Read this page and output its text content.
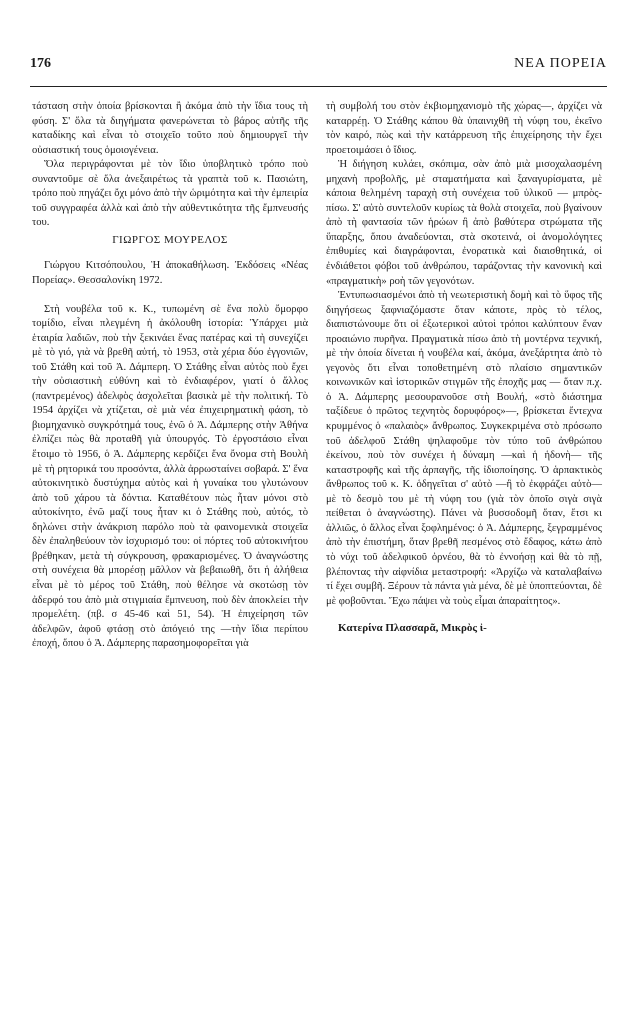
176	ΝΕΑ ΠΟΡΕΙΑ

τάσταση στὴν ὁποία βρίσκονται ἢ ἀκόμα ἀπὸ τὴν ἴδια τους τὴ φύση. Σ' ὅλα τὰ διηγήματα φανερώνεται τὸ βάρος αὐτῆς τῆς καταδίκης καὶ εἶναι τὸ στοιχεῖο τοῦτο ποὺ δημιουργεῖ τὴν οὐσιαστική τους ὁμοιογένεια.

Ὅλα περιγράφονται μὲ τὸν ἴδιο ὑποβλητικὸ τρόπο ποὺ συναντοῦμε σὲ ὅλα ἀνεξαιρέτως τὰ γραπτὰ τοῦ κ. Πασιώτη, τρόπο ποὺ πηγάζει ὄχι μόνο ἀπὸ τὴν ὡριμότητα καὶ τὴν ἐμπειρία τοῦ συγγραφέα ἀλλὰ καὶ ἀπὸ τὴν αὐθεντικότητα τῆς ἔμπνευσής του.

ΓΙΩΡΓΟΣ ΜΟΥΡΕΛΟΣ

Γιώργου Κιτσόπουλου, Ἡ ἀποκαθήλωση. Ἐκδόσεις «Νέας Πορείας». Θεσσαλονίκη 1972.

Στὴ νουβέλα τοῦ κ. Κ., τυπωμένη σὲ ἕνα πολὺ ὄμορφο τομίδιο, εἶναι πλεγμένη ἡ ἀκόλουθη ἱστορία: Ὑπάρχει μιὰ ἑταιρία λαδιῶν, ποὺ τὴν ξεκινάει ἕνας πατέρας καὶ τὴ συνεχίζει μὲ τὸ γιό, γιὰ νὰ βρεθῆ αὐτή, τὸ 1953, στὰ χέρια δύο ἐγγονιῶν, τοῦ Στάθη καὶ τοῦ Ἀ. Δάμπερη. Ὁ Στάθης εἶναι αὐτὸς ποὺ ἔχει τὴν οὐσιαστικὴ εὐθύνη καὶ τὸ ἐνδιαφέρον, γιατί ὁ ἄλλος (παντρεμένος) ἀδελφὸς ἀσχολεῖται βασικὰ μὲ τὴν πολιτική. Τὸ 1954 ἀρχίζει νὰ χτίζεται, σὲ μιὰ νέα ἐπιχειρηματικὴ φάση, τὸ βιομηχανικὸ συγκρότημά τους, ἐνῶ ὁ Ἀ. Δάμπερης στὴν Ἀθήνα ἐλπίζει πὼς θὰ προταθῆ γιὰ ὑπουργός. Τὸ ἐργοστάσιο εἶναι ἕτοιμο τὸ 1956, ὁ Ἀ. Δάμπερης κερδίζει ἕνα ὄνομα στὴ Βουλὴ μὲ τὴ ρητορικά του προσόντα, ἀλλὰ ἀρρωσταίνει σοβαρά. Σ' ἕνα αὐτοκινητικὸ δυστύχημα αὐτὸς καὶ ἡ γυναίκα του γλυτώνουν ἀπὸ τοῦ χάρου τὰ δόντια. Καταθέτουν πὼς ἦταν μόνοι στὸ αὐτοκίνητο, ἐνῶ μαζί τους ἦταν κι ὁ Στάθης ποὺ, αὐτός, τὸ δηλώνει στὴν ἀνάκριση παρόλο ποὺ τὰ φαινομενικὰ στοιχεῖα δὲν ἐπαληθεύουν τὸν ἰσχυρισμό του: οἱ πόρτες τοῦ αὐτοκινήτου βρέθηκαν, μετὰ τὴ σύγκρουση, φρακαρισμένες. Ὁ ἀναγνώστης στὴ συνέχεια θὰ μπορέσῃ μᾶλλον νὰ βεβαιωθῆ, ὅτι ἡ ἀλήθεια εἶναι μὲ τὸ μέρος τοῦ Στάθη, ποὺ θέλησε νὰ σκοτώσῃ τὸν ἀδερφό του ἀπὸ μιὰ στιγμιαία ἔμπνευση, ποὺ δὲν ἀποκλείει τὴν προμελέτη. (πβ. σ 45-46 καὶ 51, 54). Ἡ ἐπιχείρηση τῶν ἀδελφῶν, ἀφοῦ φτάσῃ στὸ ἀπόγειό της —τὴν ἴδια περίπου ἐποχή, ὅπου ὁ Ἀ. Δάμπερης παρασημοφορεῖται γιὰ

τὴ συμβολή του στὸν ἐκβιομηχανισμὸ τῆς χώρας—, ἀρχίζει νὰ καταρρέῃ. Ὁ Στάθης κάπου θὰ ὑπαινιχθῆ τὴ νύφη του, ἐκεῖνο τὸν καιρό, πὼς καὶ τὴν κατάρρευση τῆς ἐπιχείρησης τὴν ἔχει προετοιμάσει ὁ ἴδιος.

Ἡ διήγηση κυλάει, σκόπιμα, σὰν ἀπὸ μιὰ μισοχαλασμένη μηχανὴ προβολῆς, μὲ σταματήματα καὶ ξαναγυρίσματα, μὲ κάποια θεληµένη ταραχὴ στὴ συνέχεια τοῦ ὑλικοῦ — μπρὸς-πίσω. Σ' αὐτὸ συντελοῦν κυρίως τὰ θολὰ στοιχεῖα, ποὺ βγαίνουν ἀπὸ τὴ φαντασία τῶν ἡρώων ἢ ἀπὸ βαθύτερα στρώματα τῆς ὕπαρξης, ὅπου ἀναδεύονται, στὰ σκοτεινά, οἱ ἀνομολόγητες ἐπιθυμίες καὶ διαγράφονται, ἐνορατικὰ καὶ διαισθητικά, οἱ ἐνδιάθετοι φόβοι τοῦ ἀνθρώπου, ταράζοντας τὴν κανονικὴ καὶ «πραγματικὴ» ροὴ τῶν γεγονότων.

Ἐντυπωσιασμένοι ἀπὸ τὴ νεωτεριστικὴ δομὴ καὶ τὸ ὕφος τῆς διηγήσεως ξαφνιαζόμαστε ὅταν κάποτε, πρὸς τὸ τέλος, διαπιστώνουμε ὅτι οἱ ἐξωτερικοὶ αὐτοὶ τρόποι καλύπτουν ἕναν προαιώνιο πυρῆνα. Πραγματικὰ πίσω ἀπὸ τὴ μοντέρνα τεχνική, μὲ τὴν ὁποία δίνεται ἡ νουβέλα καί, ἀκόμα, ἀνεξάρτητα ἀπὸ τὸ γεγονὸς ὅτι εἶναι τοποθετημένη στὸ πλαίσιο σημαντικῶν κοινωνικῶν καὶ ἱστορικῶν στιγμῶν τῆς ἐποχῆς μας — ὅταν π.χ. ὁ Ἀ. Δάμπερης μεσουρανοῦσε στὴ Βουλή, «στὸ διάστημα ταξίδευε ὁ πρῶτος τεχνητὸς δορυφόρος»—, βρίσκεται ἔντεχνα κρυμμένος ὁ «παλαιὸς» ἄνθρωπος. Συγκεκριμένα στὸ πρόσωπο τοῦ ἀδελφοῦ Στάθη ψηλαφοῦμε τὸν τύπο τοῦ ἀνθρώπου ἐκείνου, ποὺ τὸν συνέχει ἡ δύναμη —καὶ ἡ ἡδονὴ— τῆς καταστροφῆς καὶ τῆς ἁρπαγῆς, τῆς ἰδιοποίησης. Ὁ ἁρπακτικὸς ἄνθρωπος τοῦ κ. Κ. ὁδηγεῖται σ' αὐτὸ —ἢ τὸ ἐκφράζει αὐτὸ— μὲ τὸ δεσμὸ του μὲ τὴ νύφη του (γιὰ τὸν ὁποῖο σιγὰ σιγὰ πείθεται ὁ ἀναγνώστης). Πάνει νὰ βυσσοδομῆ ὅταν, ἔτσι κι ἀλλιῶς, ὁ ἄλλος εἶναι ξοφλημένος: ὁ Ἀ. Δάμπερης, ξεγραμμένος ἀπὸ τὴν ἐπιστήμη, ὅταν βρεθῆ πεσμένος στὸ ἔδαφος, κάτω ἀπὸ τὸ νύχι τοῦ ἀδελφικοῦ ὀρνέου, θὰ τὸ ἐννοήσῃ καὶ θὰ τὸ πῇ, βλέποντας τὴν αἰφνίδια μεταστροφή: «Ἀρχίζω νὰ καταλαβαίνω τί ἔχει συμβῆ. Ξέρουν τὰ πάντα γιὰ μένα, δὲ μὲ ὑποπτεύονται, δὲ μὲ φοβοῦνται. Ἔχω πάψει νὰ τοὺς εἶμαι ἀπαραίτητος».

Κατερίνα Πλασσαρᾶ, Μικρὸς ἰ-
